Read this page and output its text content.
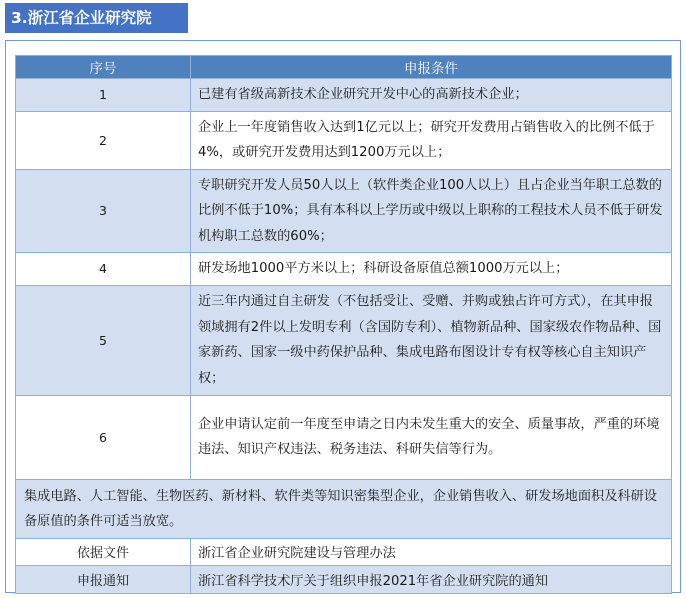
3.浙江省企业研究院
序号	申报条件
1	已建有省级高新技术企业研究开发中心的高新技术企业；
2	企业上一年度销售收入达到1亿元以上；研究开发费用占销售收入的比例不低于4%，或研究开发费用达到1200万元以上；
3	专职研究开发人员50人以上（软件类企业100人以上）且占企业当年职工总数的比例不低于10%；具有本科以上学历或中级以上职称的工程技术人员不低于研发机构职工总数的60%；
4	研发场地1000平方米以上；科研设备原值总额1000万元以上；
5	近三年内通过自主研发（不包括受让、受赠、并购或独占许可方式），在其申报领域拥有2件以上发明专利（含国防专利）、植物新品种、国家级农作物品种、国家新药、国家一级中药保护品种、集成电路布图设计专有权等核心自主知识产权；
6	企业申请认定前一年度至申请之日内未发生重大的安全、质量事故，严重的环境违法、知识产权违法、税务违法、科研失信等行为。
集成电路、人工智能、生物医药、新材料、软件类等知识密集型企业，企业销售收入、研发场地面积及科研设备原值的条件可适当放宽。	
依据文件	浙江省企业研究院建设与管理办法
申报通知	浙江省科学技术厅关于组织申报2021年省企业研究院的通知
